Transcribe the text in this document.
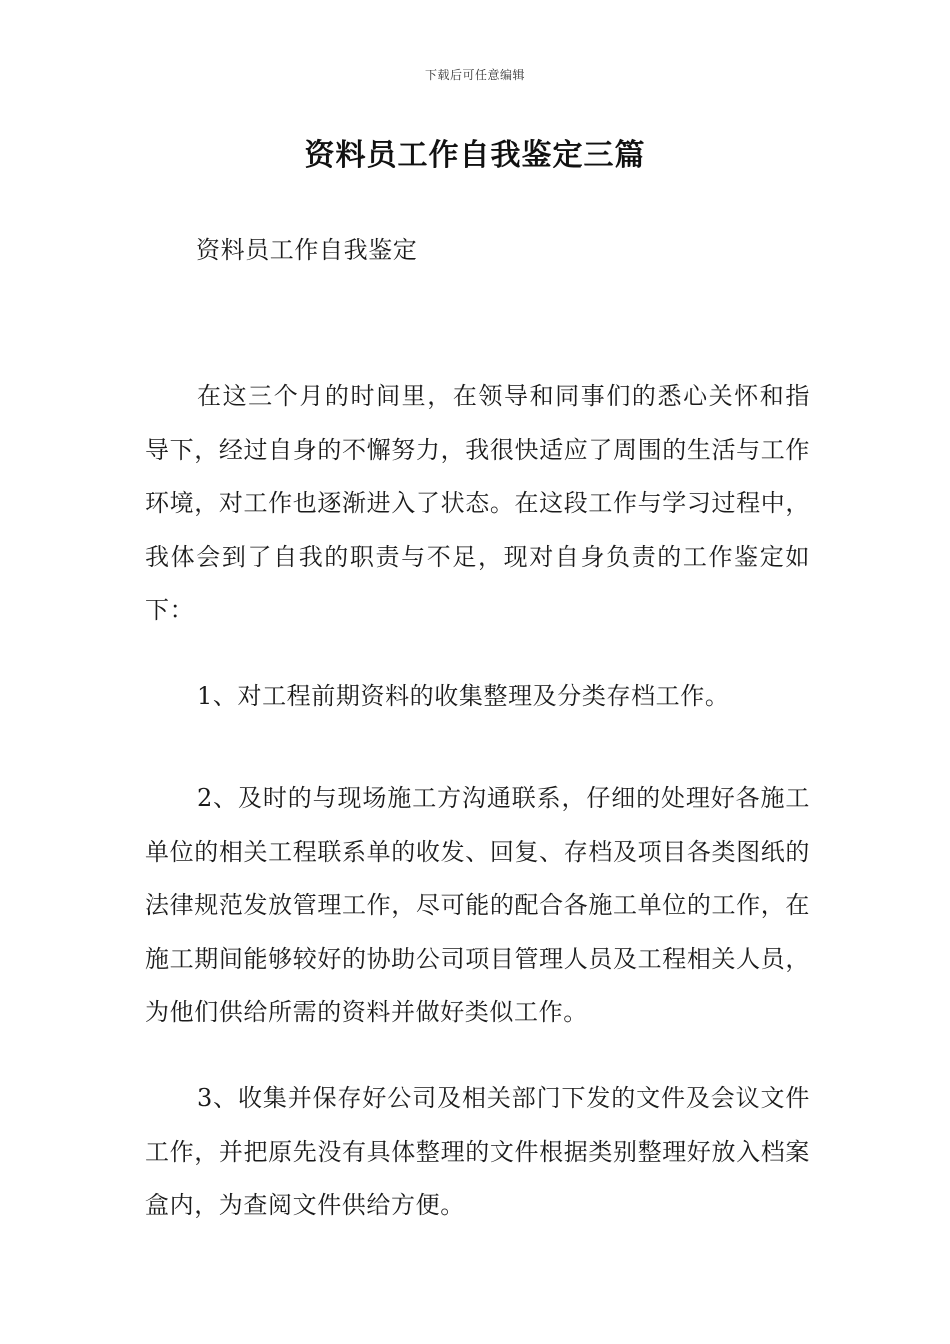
下载后可任意编辑
资料员工作自我鉴定三篇
资料员工作自我鉴定

在这三个月的时间里，在领导和同事们的悉心关怀和指导下，经过自身的不懈努力，我很快适应了周围的生活与工作环境，对工作也逐渐进入了状态。在这段工作与学习过程中，我体会到了自我的职责与不足，现对自身负责的工作鉴定如下：

1、对工程前期资料的收集整理及分类存档工作。

2、及时的与现场施工方沟通联系，仔细的处理好各施工单位的相关工程联系单的收发、回复、存档及项目各类图纸的法律规范发放管理工作，尽可能的配合各施工单位的工作，在施工期间能够较好的协助公司项目管理人员及工程相关人员，为他们供给所需的资料并做好类似工作。

3、收集并保存好公司及相关部门下发的文件及会议文件工作，并把原先没有具体整理的文件根据类别整理好放入档案盒内，为查阅文件供给方便。
